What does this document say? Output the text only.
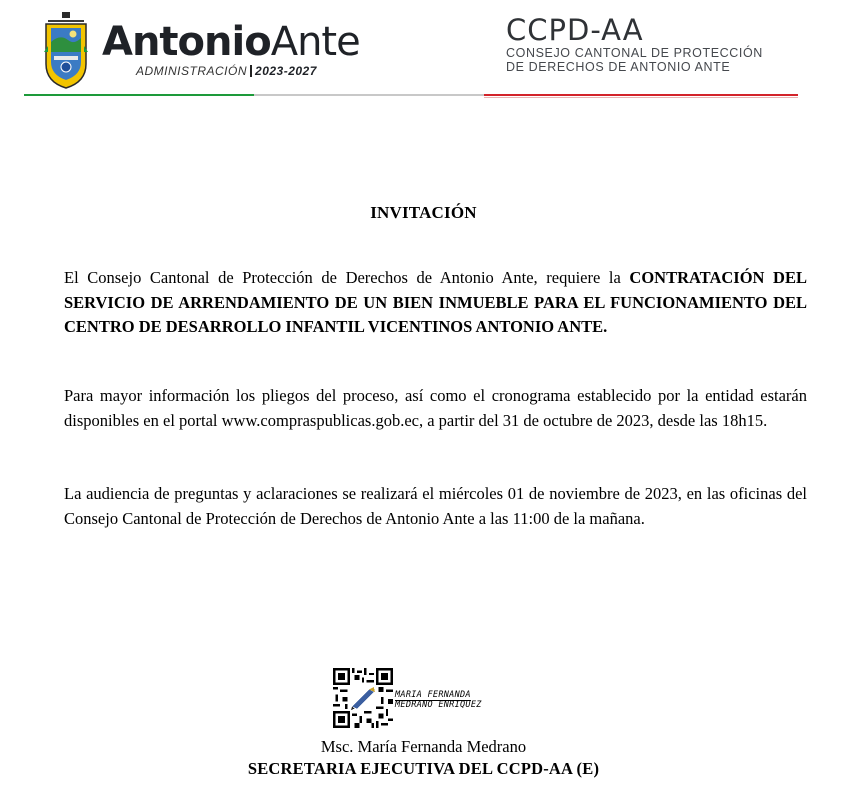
AntonioAnte
ADMINISTRACIÓN 2023-2027
CCPD-AA
CONSEJO CANTONAL DE PROTECCIÓN
DE DERECHOS DE ANTONIO ANTE
INVITACIÓN
El Consejo Cantonal de Protección de Derechos de Antonio Ante, requiere la CONTRATACIÓN DEL SERVICIO DE ARRENDAMIENTO DE UN BIEN INMUEBLE PARA EL FUNCIONAMIENTO DEL CENTRO DE DESARROLLO INFANTIL VICENTINOS ANTONIO ANTE.
Para mayor información los pliegos del proceso, así como el cronograma establecido por la entidad estarán disponibles en el portal www.compraspublicas.gob.ec, a partir del 31 de octubre de 2023, desde las 18h15.
La audiencia de preguntas y aclaraciones se realizará el miércoles 01 de noviembre de 2023, en las oficinas del Consejo Cantonal de Protección de Derechos de Antonio Ante a las 11:00 de la mañana.
MARIA FERNANDA
MEDRANO ENRIQUEZ
Msc. María Fernanda Medrano
SECRETARIA EJECUTIVA DEL CCPD-AA (E)
